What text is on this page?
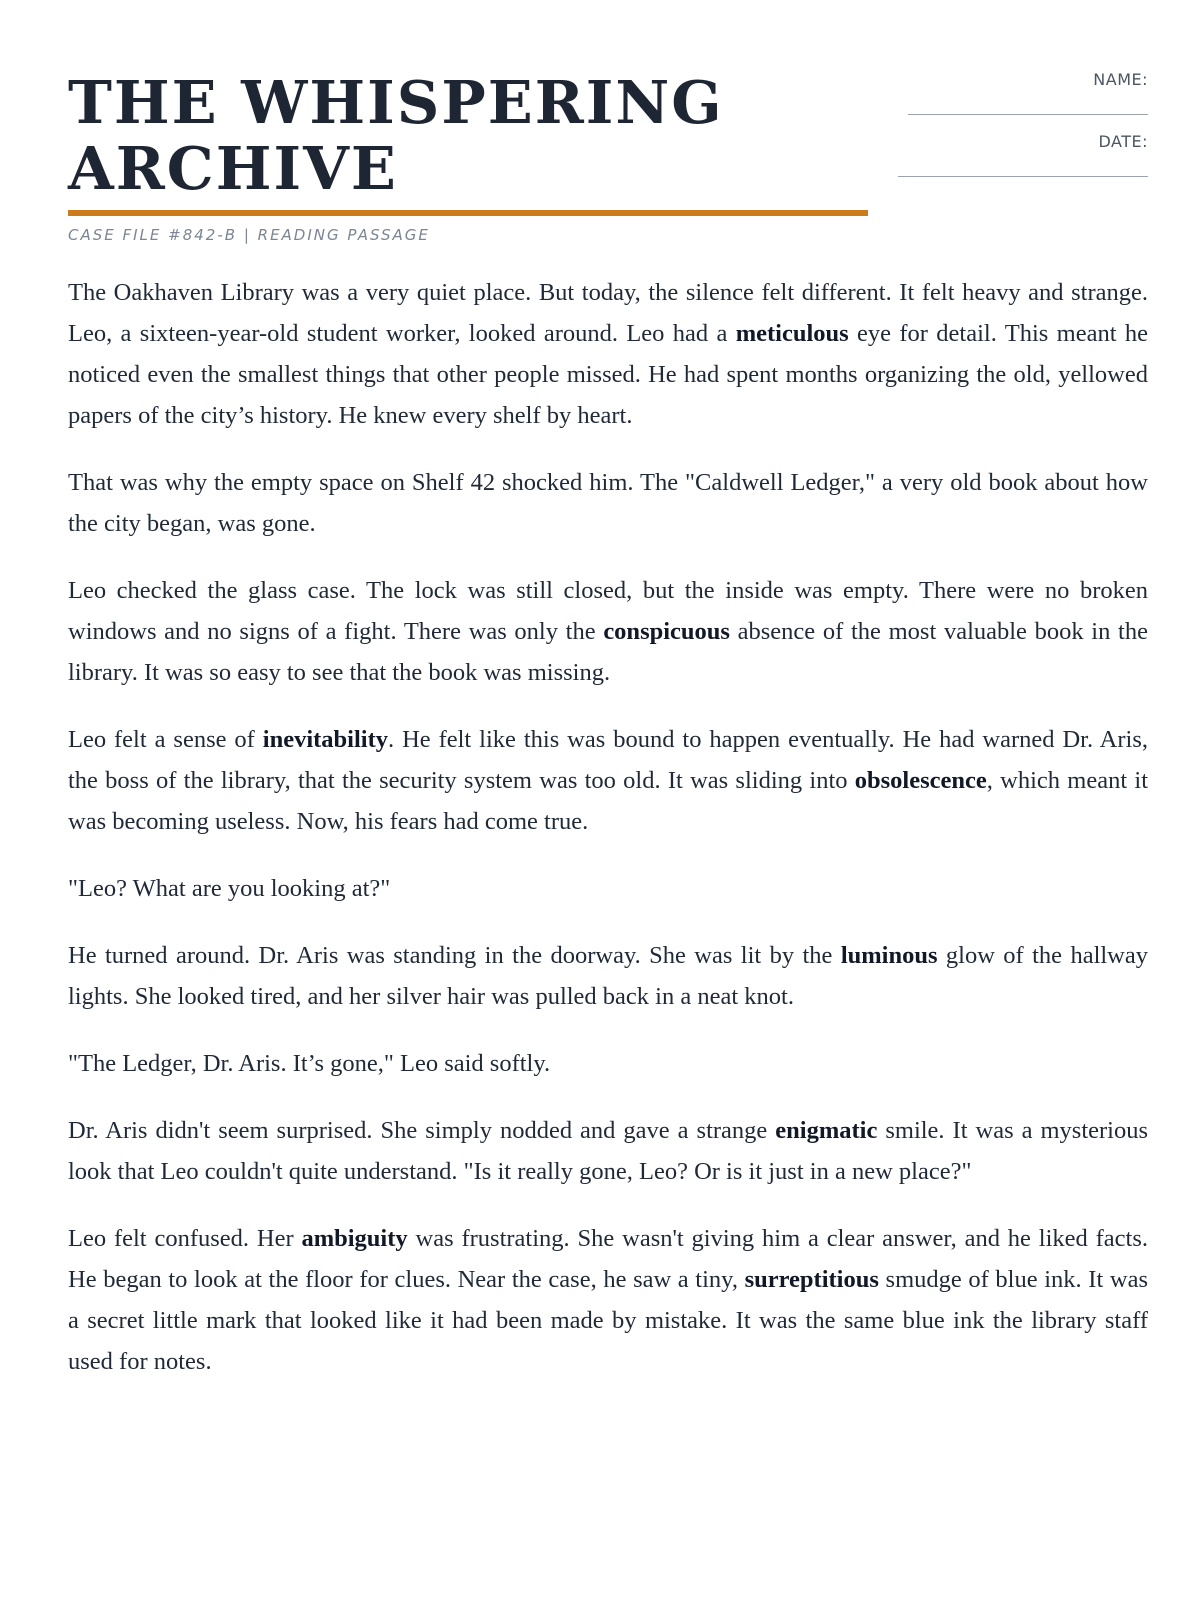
THE WHISPERING
ARCHIVE
CASE FILE #842-B | READING PASSAGE
NAME:
DATE:

The Oakhaven Library was a very quiet place. But today, the silence felt different. It felt heavy and strange. Leo, a sixteen-year-old student worker, looked around. Leo had a meticulous eye for detail. This meant he noticed even the smallest things that other people missed. He had spent months organizing the old, yellowed papers of the city’s history. He knew every shelf by heart.

That was why the empty space on Shelf 42 shocked him. The "Caldwell Ledger," a very old book about how the city began, was gone.

Leo checked the glass case. The lock was still closed, but the inside was empty. There were no broken windows and no signs of a fight. There was only the conspicuous absence of the most valuable book in the library. It was so easy to see that the book was missing.

Leo felt a sense of inevitability. He felt like this was bound to happen eventually. He had warned Dr. Aris, the boss of the library, that the security system was too old. It was sliding into obsolescence, which meant it was becoming useless. Now, his fears had come true.

"Leo? What are you looking at?"

He turned around. Dr. Aris was standing in the doorway. She was lit by the luminous glow of the hallway lights. She looked tired, and her silver hair was pulled back in a neat knot.

"The Ledger, Dr. Aris. It’s gone," Leo said softly.

Dr. Aris didn't seem surprised. She simply nodded and gave a strange enigmatic smile. It was a mysterious look that Leo couldn't quite understand. "Is it really gone, Leo? Or is it just in a new place?"

Leo felt confused. Her ambiguity was frustrating. She wasn't giving him a clear answer, and he liked facts. He began to look at the floor for clues. Near the case, he saw a tiny, surreptitious smudge of blue ink. It was a secret little mark that looked like it had been made by mistake. It was the same blue ink the library staff used for notes.
